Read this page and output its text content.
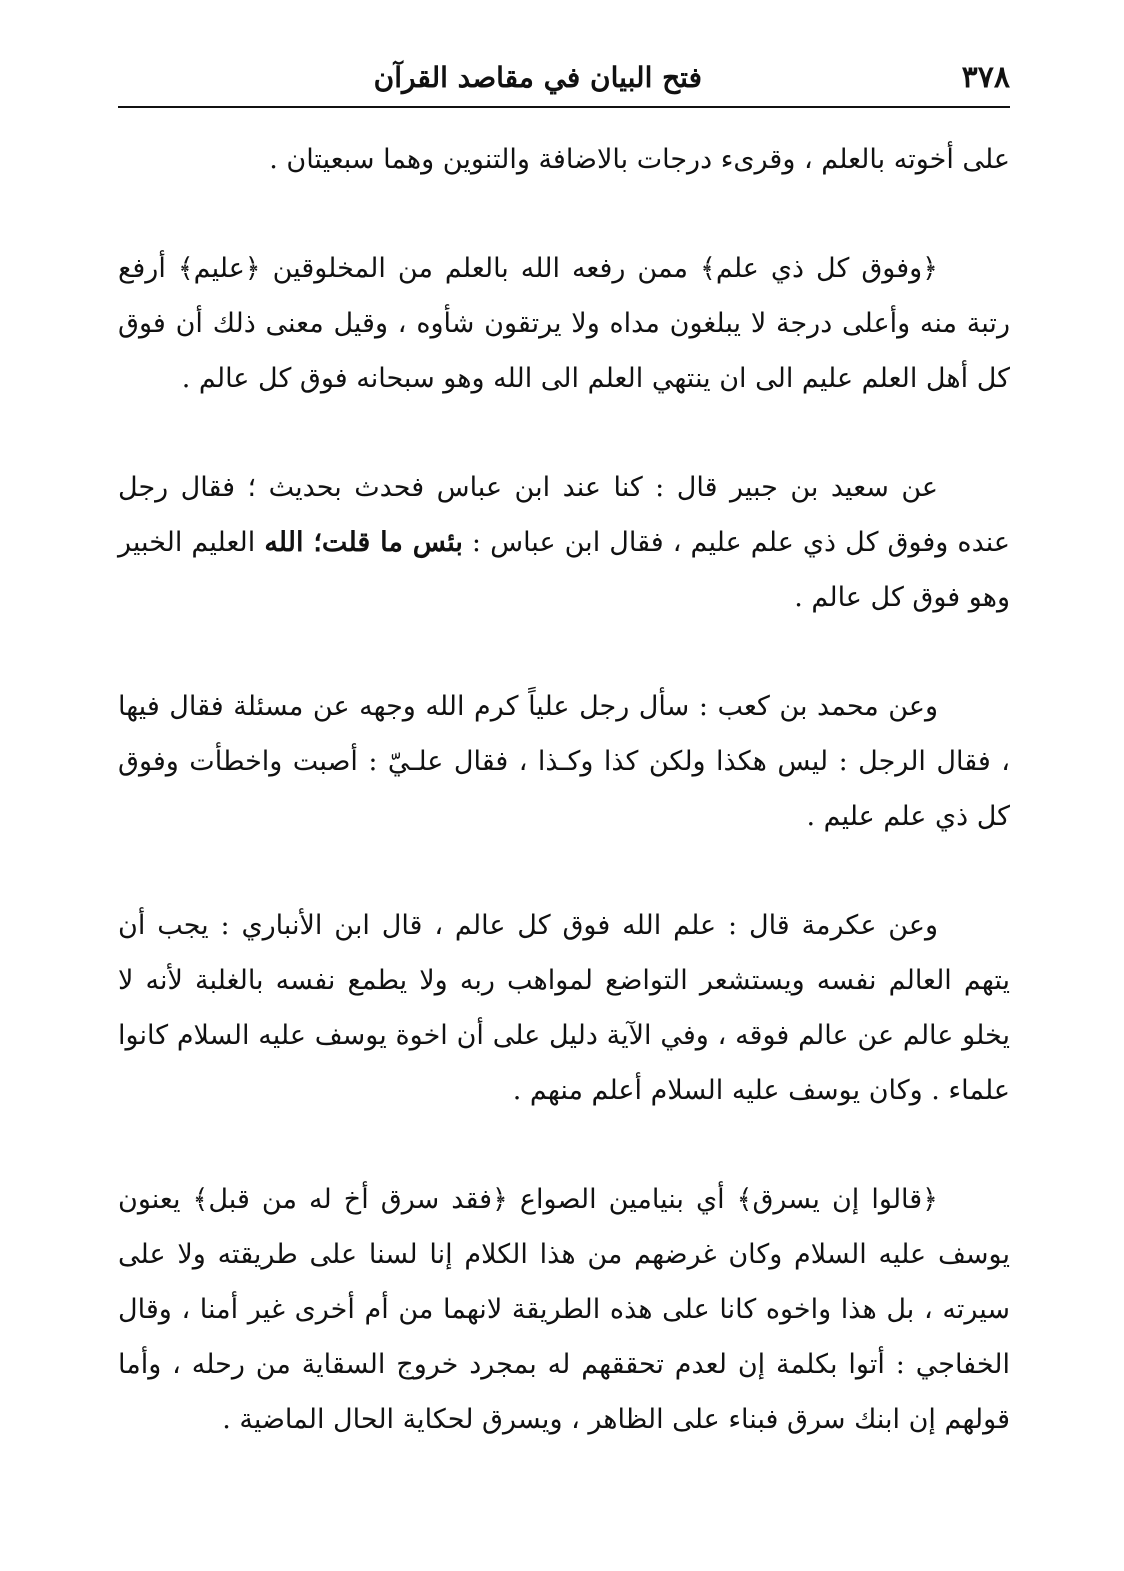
٣٧٨
فتح البيان في مقاصد القرآن

على أخوته بالعلم ، وقرىء درجات بالاضافة والتنوين وهما سبعيتان .

﴿وفوق كل ذي علم﴾ ممن رفعه الله بالعلم من المخلوقين ﴿عليم﴾ أرفع رتبة منه وأعلى درجة لا يبلغون مداه ولا يرتقون شأوه ، وقيل معنى ذلك أن فوق كل أهل العلم عليم الى ان ينتهي العلم الى الله وهو سبحانه فوق كل عالم .

عن سعيد بن جبير قال : كنا عند ابن عباس فحدث بحديث ؛ فقال رجل عنده وفوق كل ذي علم عليم ، فقال ابن عباس : بئس ما قلت؛ الله العليم الخبير وهو فوق كل عالم .

وعن محمد بن كعب : سأل رجل علياً كرم الله وجهه عن مسئلة فقال فيها ، فقال الرجل : ليس هكذا ولكن كذا وكـذا ، فقال علـيّ : أصبت واخطأت وفوق كل ذي علم عليم .

وعن عكرمة قال : علم الله فوق كل عالم ، قال ابن الأنباري : يجب أن يتهم العالم نفسه ويستشعر التواضع لمواهب ربه ولا يطمع نفسه بالغلبة لأنه لا يخلو عالم عن عالم فوقه ، وفي الآية دليل على أن اخوة يوسف عليه السلام كانوا علماء . وكان يوسف عليه السلام أعلم منهم .

﴿قالوا إن يسرق﴾ أي بنيامين الصواع ﴿فقد سرق أخ له من قبل﴾ يعنون يوسف عليه السلام وكان غرضهم من هذا الكلام إنا لسنا على طريقته ولا على سيرته ، بل هذا واخوه كانا على هذه الطريقة لانهما من أم أخرى غير أمنا ، وقال الخفاجي : أتوا بكلمة إن لعدم تحققهم له بمجرد خروج السقاية من رحله ، وأما قولهم إن ابنك سرق فبناء على الظاهر ، ويسرق لحكاية الحال الماضية .
